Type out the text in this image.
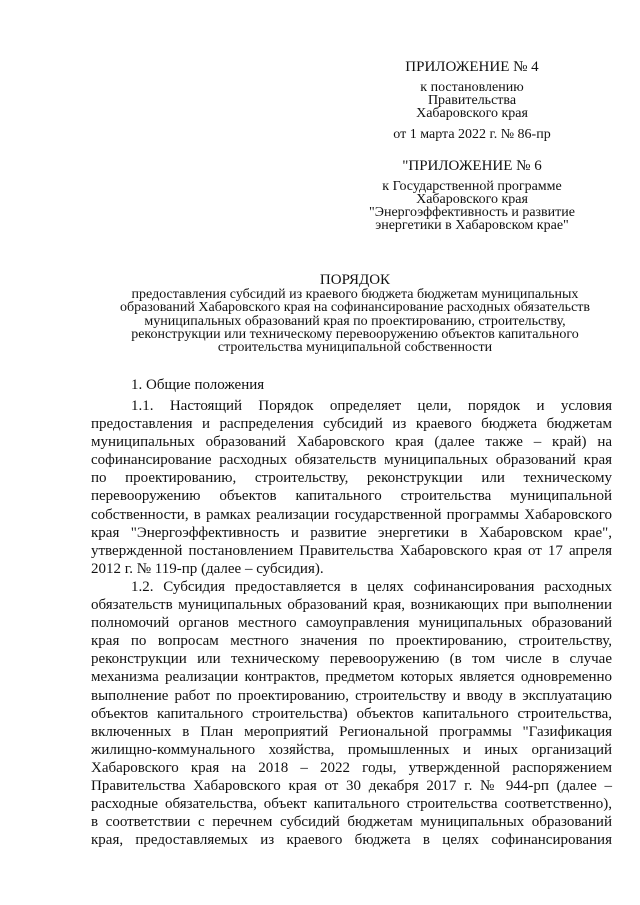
ПРИЛОЖЕНИЕ № 4
к постановлению
Правительства
Хабаровского края
от 1 марта 2022 г. № 86-пр
"ПРИЛОЖЕНИЕ № 6
к Государственной программе
Хабаровского края
"Энергоэффективность и развитие
энергетики в Хабаровском крае"
ПОРЯДОК
предоставления субсидий из краевого бюджета бюджетам муниципальных
образований Хабаровского края на софинансирование расходных обязательств
муниципальных образований края по проектированию, строительству,
реконструкции или техническому перевооружению объектов капитального
строительства муниципальной собственности
1. Общие положения
1.1. Настоящий Порядок определяет цели, порядок и условия
предоставления и распределения субсидий из краевого бюджета бюджетам
муниципальных образований Хабаровского края (далее также – край) на
софинансирование расходных обязательств муниципальных образований края
по проектированию, строительству, реконструкции или техническому
перевооружению объектов капитального строительства муниципальной
собственности, в рамках реализации государственной программы Хабаровского
края "Энергоэффективность и развитие энергетики в Хабаровском крае",
утвержденной постановлением Правительства Хабаровского края от 17 апреля
2012 г. № 119-пр (далее – субсидия).
1.2. Субсидия предоставляется в целях софинансирования расходных
обязательств муниципальных образований края, возникающих при выполнении
полномочий органов местного самоуправления муниципальных образований
края по вопросам местного значения по проектированию, строительству,
реконструкции или техническому перевооружению (в том числе в случае
механизма реализации контрактов, предметом которых является одновременно
выполнение работ по проектированию, строительству и вводу в эксплуатацию
объектов капитального строительства) объектов капитального строительства,
включенных в План мероприятий Региональной программы "Газификация
жилищно-коммунального хозяйства, промышленных и иных организаций
Хабаровского края на 2018 – 2022 годы, утвержденной распоряжением
Правительства Хабаровского края от 30 декабря 2017 г. № 944-рп (далее –
расходные обязательства, объект капитального строительства соответственно),
в соответствии с перечнем субсидий бюджетам муниципальных образований
края, предоставляемых из краевого бюджета в целях софинансирования
